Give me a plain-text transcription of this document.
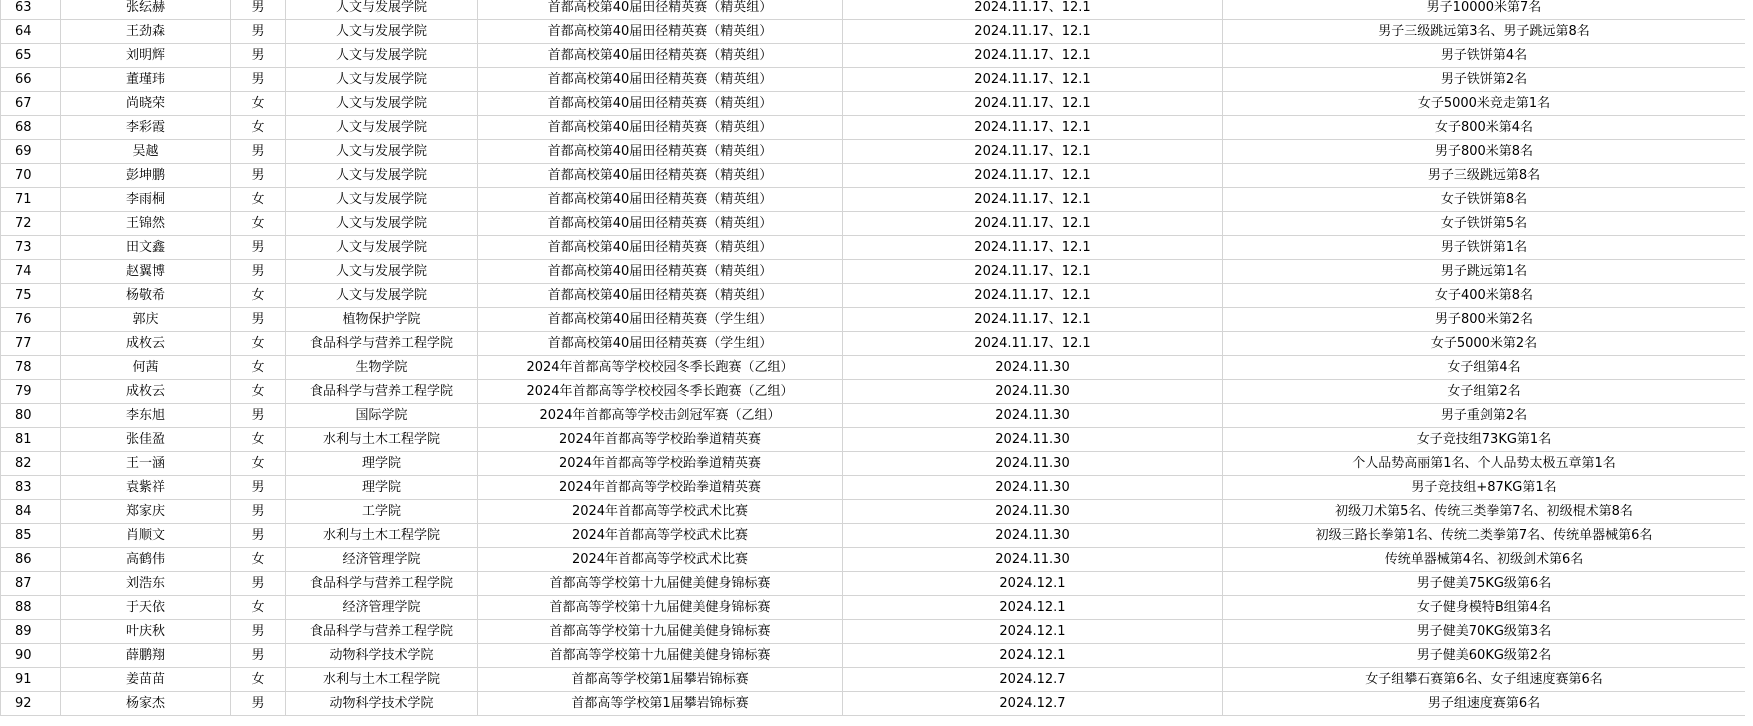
63	张纭赫	男	人文与发展学院	首都高校第40届田径精英赛（精英组）	2024.11.17、12.1	男子10000米第7名
64	王劲森	男	人文与发展学院	首都高校第40届田径精英赛（精英组）	2024.11.17、12.1	男子三级跳远第3名、男子跳远第8名
65	刘明辉	男	人文与发展学院	首都高校第40届田径精英赛（精英组）	2024.11.17、12.1	男子铁饼第4名
66	董瑾玮	男	人文与发展学院	首都高校第40届田径精英赛（精英组）	2024.11.17、12.1	男子铁饼第2名
67	尚晓荣	女	人文与发展学院	首都高校第40届田径精英赛（精英组）	2024.11.17、12.1	女子5000米竞走第1名
68	李彩霞	女	人文与发展学院	首都高校第40届田径精英赛（精英组）	2024.11.17、12.1	女子800米第4名
69	吴越	男	人文与发展学院	首都高校第40届田径精英赛（精英组）	2024.11.17、12.1	男子800米第8名
70	彭坤鹏	男	人文与发展学院	首都高校第40届田径精英赛（精英组）	2024.11.17、12.1	男子三级跳远第8名
71	李雨桐	女	人文与发展学院	首都高校第40届田径精英赛（精英组）	2024.11.17、12.1	女子铁饼第8名
72	王锦然	女	人文与发展学院	首都高校第40届田径精英赛（精英组）	2024.11.17、12.1	女子铁饼第5名
73	田文鑫	男	人文与发展学院	首都高校第40届田径精英赛（精英组）	2024.11.17、12.1	男子铁饼第1名
74	赵翼博	男	人文与发展学院	首都高校第40届田径精英赛（精英组）	2024.11.17、12.1	男子跳远第1名
75	杨敬希	女	人文与发展学院	首都高校第40届田径精英赛（精英组）	2024.11.17、12.1	女子400米第8名
76	郭庆	男	植物保护学院	首都高校第40届田径精英赛（学生组）	2024.11.17、12.1	男子800米第2名
77	成枚云	女	食品科学与营养工程学院	首都高校第40届田径精英赛（学生组）	2024.11.17、12.1	女子5000米第2名
78	何茜	女	生物学院	2024年首都高等学校校园冬季长跑赛（乙组）	2024.11.30	女子组第4名
79	成枚云	女	食品科学与营养工程学院	2024年首都高等学校校园冬季长跑赛（乙组）	2024.11.30	女子组第2名
80	李东旭	男	国际学院	2024年首都高等学校击剑冠军赛（乙组）	2024.11.30	男子重剑第2名
81	张佳盈	女	水利与土木工程学院	2024年首都高等学校跆拳道精英赛	2024.11.30	女子竞技组73KG第1名
82	王一涵	女	理学院	2024年首都高等学校跆拳道精英赛	2024.11.30	个人品势高丽第1名、个人品势太极五章第1名
83	袁紫祥	男	理学院	2024年首都高等学校跆拳道精英赛	2024.11.30	男子竞技组+87KG第1名
84	郑家庆	男	工学院	2024年首都高等学校武术比赛	2024.11.30	初级刀术第5名、传统三类拳第7名、初级棍术第8名
85	肖顺文	男	水利与土木工程学院	2024年首都高等学校武术比赛	2024.11.30	初级三路长拳第1名、传统二类拳第7名、传统单器械第6名
86	高鹤伟	女	经济管理学院	2024年首都高等学校武术比赛	2024.11.30	传统单器械第4名、初级剑术第6名
87	刘浩东	男	食品科学与营养工程学院	首都高等学校第十九届健美健身锦标赛	2024.12.1	男子健美75KG级第6名
88	于天依	女	经济管理学院	首都高等学校第十九届健美健身锦标赛	2024.12.1	女子健身模特B组第4名
89	叶庆秋	男	食品科学与营养工程学院	首都高等学校第十九届健美健身锦标赛	2024.12.1	男子健美70KG级第3名
90	薛鹏翔	男	动物科学技术学院	首都高等学校第十九届健美健身锦标赛	2024.12.1	男子健美60KG级第2名
91	姜苗苗	女	水利与土木工程学院	首都高等学校第1届攀岩锦标赛	2024.12.7	女子组攀石赛第6名、女子组速度赛第6名
92	杨家杰	男	动物科学技术学院	首都高等学校第1届攀岩锦标赛	2024.12.7	男子组速度赛第6名
